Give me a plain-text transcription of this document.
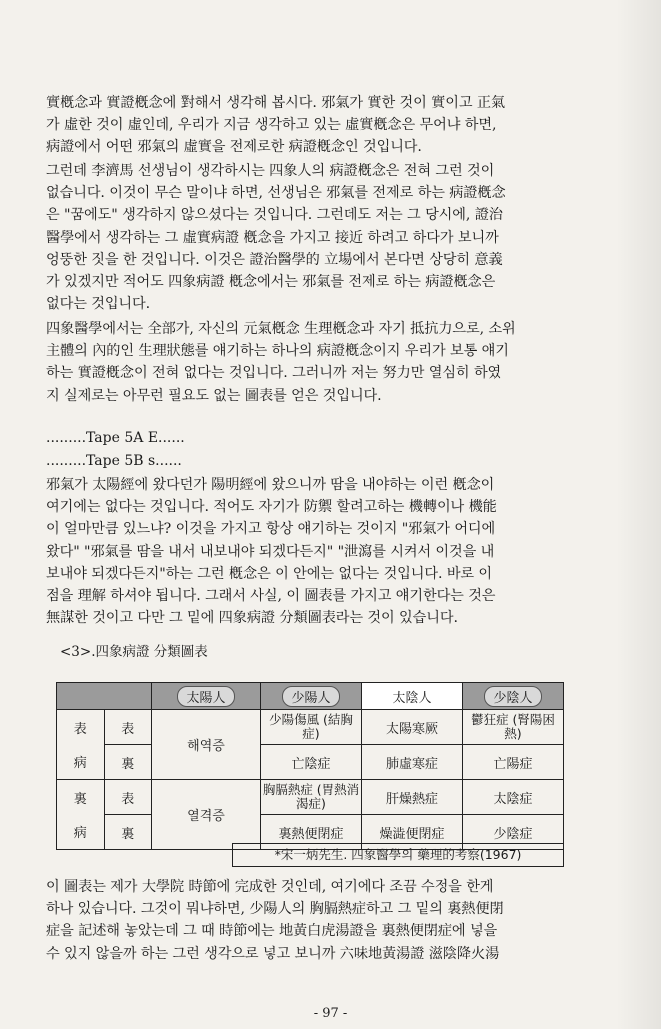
實槪念과 實證槪念에 對해서 생각해 봅시다. 邪氣가 實한 것이 實이고 正氣
가 虛한 것이 虛인데, 우리가 지금 생각하고 있는 虛實槪念은 무어냐 하면,
病證에서 어떤 邪氣의 虛實을 전제로한 病證槪念인 것입니다.
그런데 李濟馬 선생님이 생각하시는 四象人의 病證槪念은 전혀 그런 것이
없습니다. 이것이 무슨 말이냐 하면, 선생님은 邪氣를 전제로 하는 病證槪念
은 "꿈에도" 생각하지 않으셨다는 것입니다. 그런데도 저는 그 당시에, 證治
醫學에서 생각하는 그 虛實病證 槪念을 가지고 接近 하려고 하다가 보니까
엉뚱한 짓을 한 것입니다. 이것은 證治醫學的 立場에서 본다면 상당히 意義
가 있겠지만 적어도 四象病證 槪念에서는 邪氣를 전제로 하는 病證槪念은
없다는 것입니다.
四象醫學에서는 全部가, 자신의 元氣槪念 生理槪念과 자기 抵抗力으로, 소위
主體의 內的인 生理狀態를 얘기하는 하나의 病證槪念이지 우리가 보통 얘기
하는 實證槪念이 전혀 없다는 것입니다. 그러니까 저는 努力만 열심히 하였
지 실제로는 아무런 필요도 없는 圖表를 얻은 것입니다.
邪氣가 太陽經에 왔다던가 陽明經에 왔으니까 땀을 내야하는 이런 槪念이
여기에는 없다는 것입니다. 적어도 자기가 防禦 할려고하는 機轉이나 機能
이 얼마만큼 있느냐? 이것을 가지고 항상 얘기하는 것이지 "邪氣가 어디에
왔다" "邪氣를 땀을 내서 내보내야 되겠다든지" "泄瀉를 시켜서 이것을 내
보내야 되겠다든지"하는 그런 槪念은 이 안에는 없다는 것입니다. 바로 이
점을 理解 하셔야 됩니다. 그래서 사실, 이 圖表를 가지고 얘기한다는 것은
無謀한 것이고 다만 그 밑에 四象病證 分類圖表라는 것이 있습니다.
이 圖表는 제가 大學院 時節에 完成한 것인데, 여기에다 조끔 수정을 한게
하나 있습니다. 그것이 뭐냐하면, 少陽人의 胸膈熱症하고 그 밑의 裏熱便閉
症을 記述해 놓았는데 그 때 時節에는 地黃白虎湯證을 裏熱便閉症에 넣을
수 있지 않을까 하는 그런 생각으로 넣고 보니까 六味地黃湯證 滋陰降火湯
.........Tape 5A E......
.........Tape 5B s......
<3>.四象病證 分類圖表
		太陽人	少陽人	太陰人	少陰人
表	表	해역증	少陽傷風 (結胸症)	太陽寒厥	鬱狂症 (腎陽困熱)
病	裏		亡陰症	肺虛寒症	亡陽症
裏	表	열격증	胸膈熱症 (胃熱消渴症)	肝燥熱症	太陰症
病	裏		裏熱便閉症	燥澁便閉症	少陰症
*宋一炳先生. 四象醫學의 藥理的考察(1967)
- 97 -
